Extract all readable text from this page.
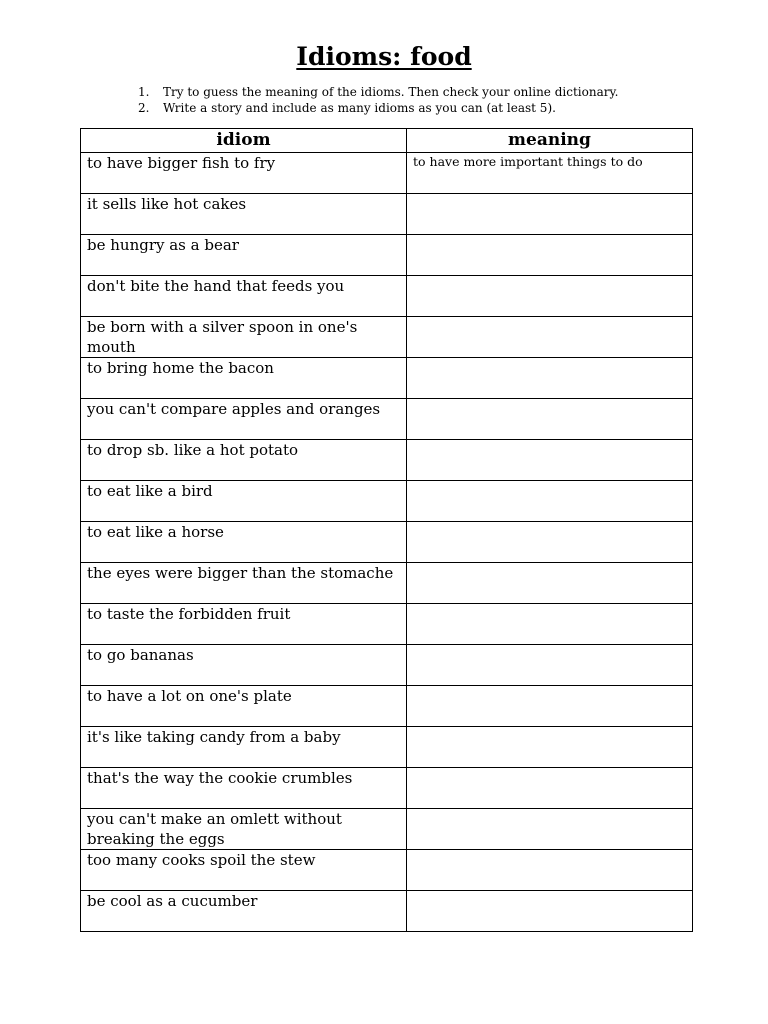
Idioms: food
1.	Try to guess the meaning of the idioms. Then check your online dictionary.
2.	Write a story and include as many idioms as you can (at least 5).
idiom	meaning
to have bigger fish to fry	to have more important things to do
it sells like hot cakes	
be hungry as a bear	
don't bite the hand that feeds you	
be born with a silver spoon in one's mouth	
to bring home the bacon	
you can't compare apples and oranges	
to drop sb. like a hot potato	
to eat like a bird	
to eat like a horse	
the eyes were bigger than the stomache	
to taste the forbidden fruit	
to go bananas	
to have a lot on one's plate	
it's like taking candy from a baby	
that's the way the cookie crumbles	
you can't make an omlett without breaking the eggs	
too many cooks spoil the stew	
be cool as a cucumber	
